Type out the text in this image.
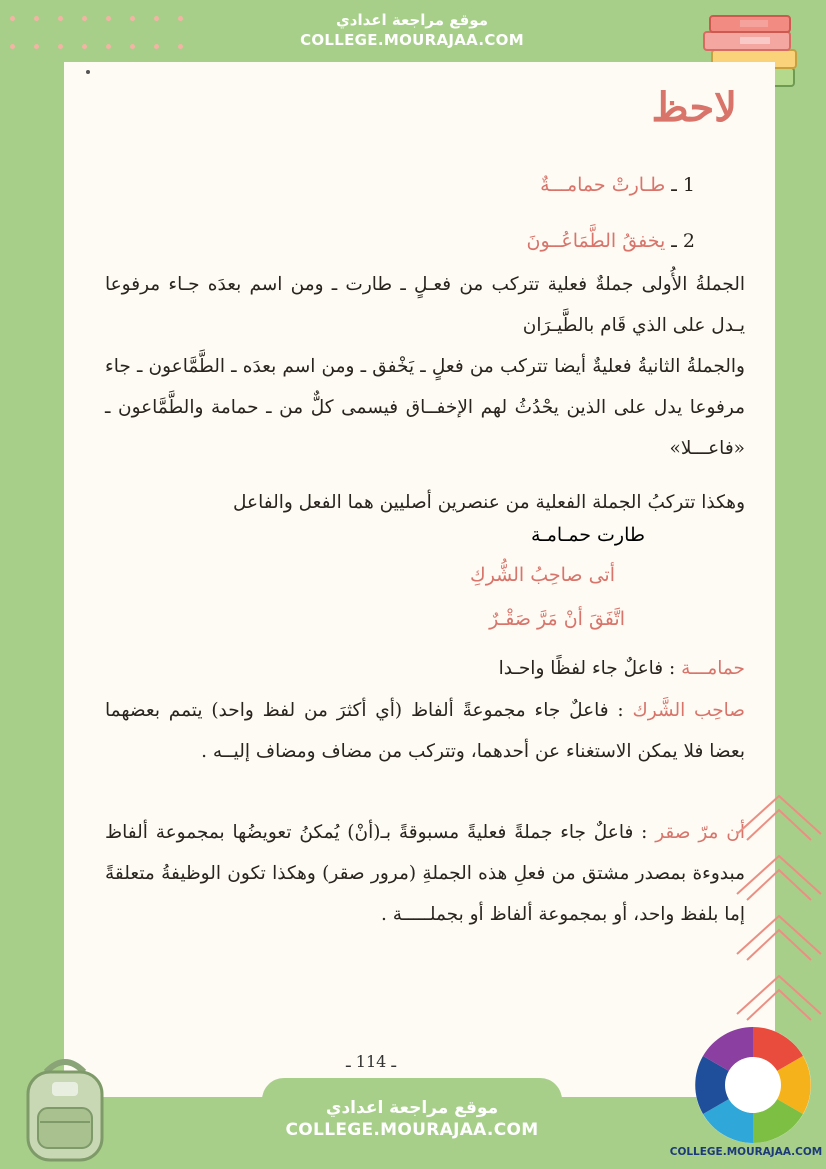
موقع مراجعة اعدادي
COLLEGE.MOURAJAA.COM
لاحظ
1 ـ طـارتْ حمامـــةٌ
2 ـ يخفقُ الطَّمَاعُــونَ
الجملةُ الأُولى جملةٌ فعلية تتركب من فعـلٍ ـ طارت ـ ومن اسم بعدَه جـاء مرفوعا يـدل على الذي قَام بالطَّيـرَان
والجملةُ الثانيةُ فعليةٌ أيضا تتركب من فعلٍ ـ يَخْفق ـ ومن اسم بعدَه ـ الطَّمَّاعون ـ جاء مرفوعا يدل على الذين يحْدُثُ لهم الإخفــاق فيسمى كلٌّ من ـ حمامة والطَّمَّاعون ـ «فاعـــلا»
وهكذا تتركبُ الجملة الفعلية من عنصرين أصليين هما الفعل والفاعل
طارت حمـامـة
أتى صاحِبُ الشُّركِ
اتَّفَقَ أنْ مَرَّ صَقْـرٌ
حمامـــة : فاعلٌ جاء لفظًا واحـدا
صاحِب الشَّرك : فاعلٌ جاء مجموعةً ألفاظ (أي أكثرَ من لفظ واحد) يتمم بعضهما بعضا فلا يمكن الاستغناء عن أحدهما، وتتركب من مضاف ومضاف إليــه .
أن مرّ صقر : فاعلٌ جاء جملةً فعليةً مسبوقةً بـ(أنْ) يُمكنُ تعويضُها بمجموعة ألفاظ مبدوءة بمصدر مشتق من فعلِ هذه الجملةِ (مرور صقر) وهكذا تكون الوظيفةُ متعلقةً إما بلفظ واحد، أو بمجموعة ألفاظ أو بجملـــــة .
ـ 114 ـ
موقع مراجعة اعدادي
COLLEGE.MOURAJAA.COM
COLLEGE.MOURAJAA.COM
